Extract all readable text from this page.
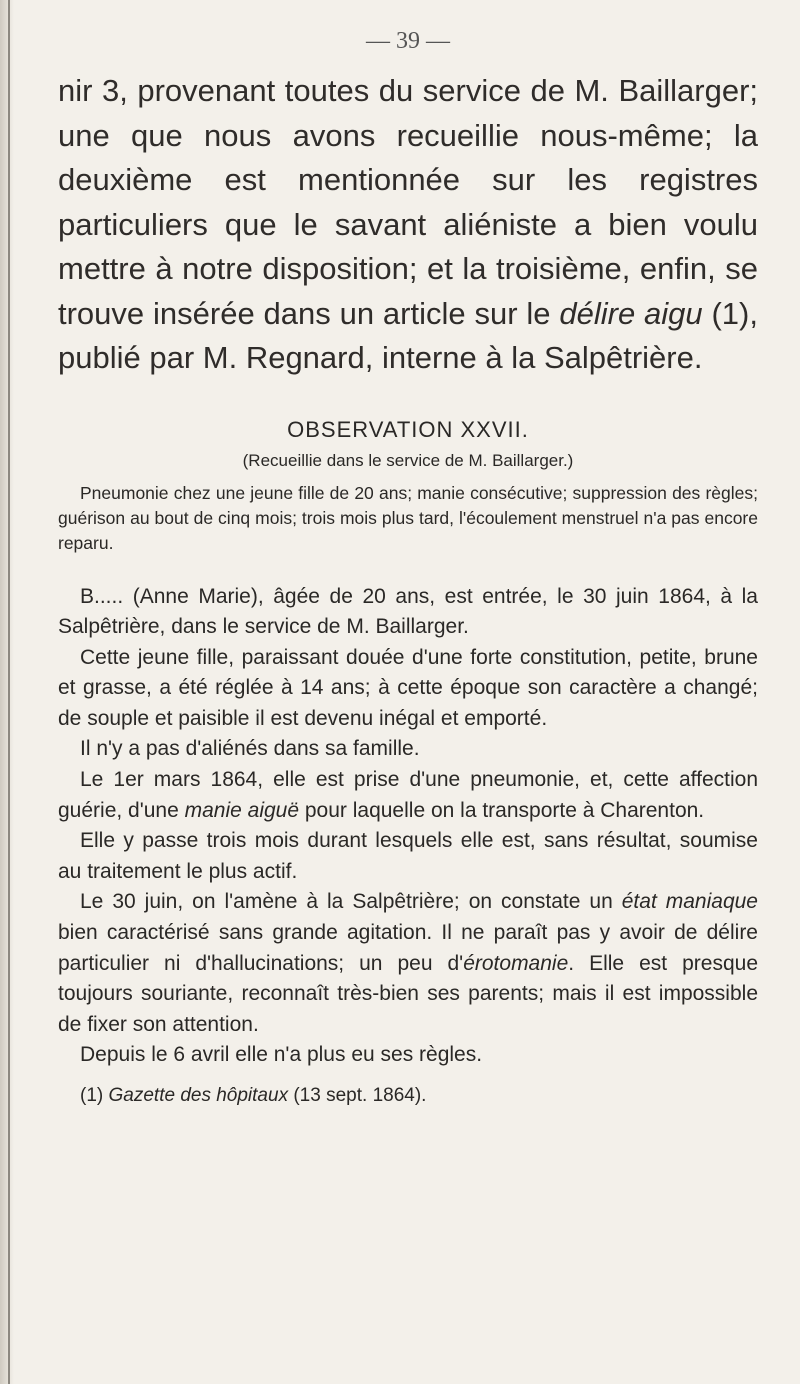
— 39 —

nir 3, provenant toutes du service de M. Baillarger; une que nous avons recueillie nous-même; la deuxième est mentionnée sur les registres particuliers que le savant aliéniste a bien voulu mettre à notre disposition; et la troisième, enfin, se trouve insérée dans un article sur le délire aigu (1), publié par M. Regnard, interne à la Salpêtrière.

OBSERVATION XXVII.
(Recueillie dans le service de M. Baillarger.)
Pneumonie chez une jeune fille de 20 ans; manie consécutive; suppression des règles; guérison au bout de cinq mois; trois mois plus tard, l'écoulement menstruel n'a pas encore reparu.

B..... (Anne Marie), âgée de 20 ans, est entrée, le 30 juin 1864, à la Salpêtrière, dans le service de M. Baillarger.

Cette jeune fille, paraissant douée d'une forte constitution, petite, brune et grasse, a été réglée à 14 ans; à cette époque son caractère a changé; de souple et paisible il est devenu inégal et emporté.

Il n'y a pas d'aliénés dans sa famille.

Le 1er mars 1864, elle est prise d'une pneumonie, et, cette affection guérie, d'une manie aiguë pour laquelle on la transporte à Charenton.

Elle y passe trois mois durant lesquels elle est, sans résultat, soumise au traitement le plus actif.

Le 30 juin, on l'amène à la Salpêtrière; on constate un état maniaque bien caractérisé sans grande agitation. Il ne paraît pas y avoir de délire particulier ni d'hallucinations; un peu d'érotomanie. Elle est presque toujours souriante, reconnaît très-bien ses parents; mais il est impossible de fixer son attention.

Depuis le 6 avril elle n'a plus eu ses règles.

(1) Gazette des hôpitaux (13 sept. 1864).
